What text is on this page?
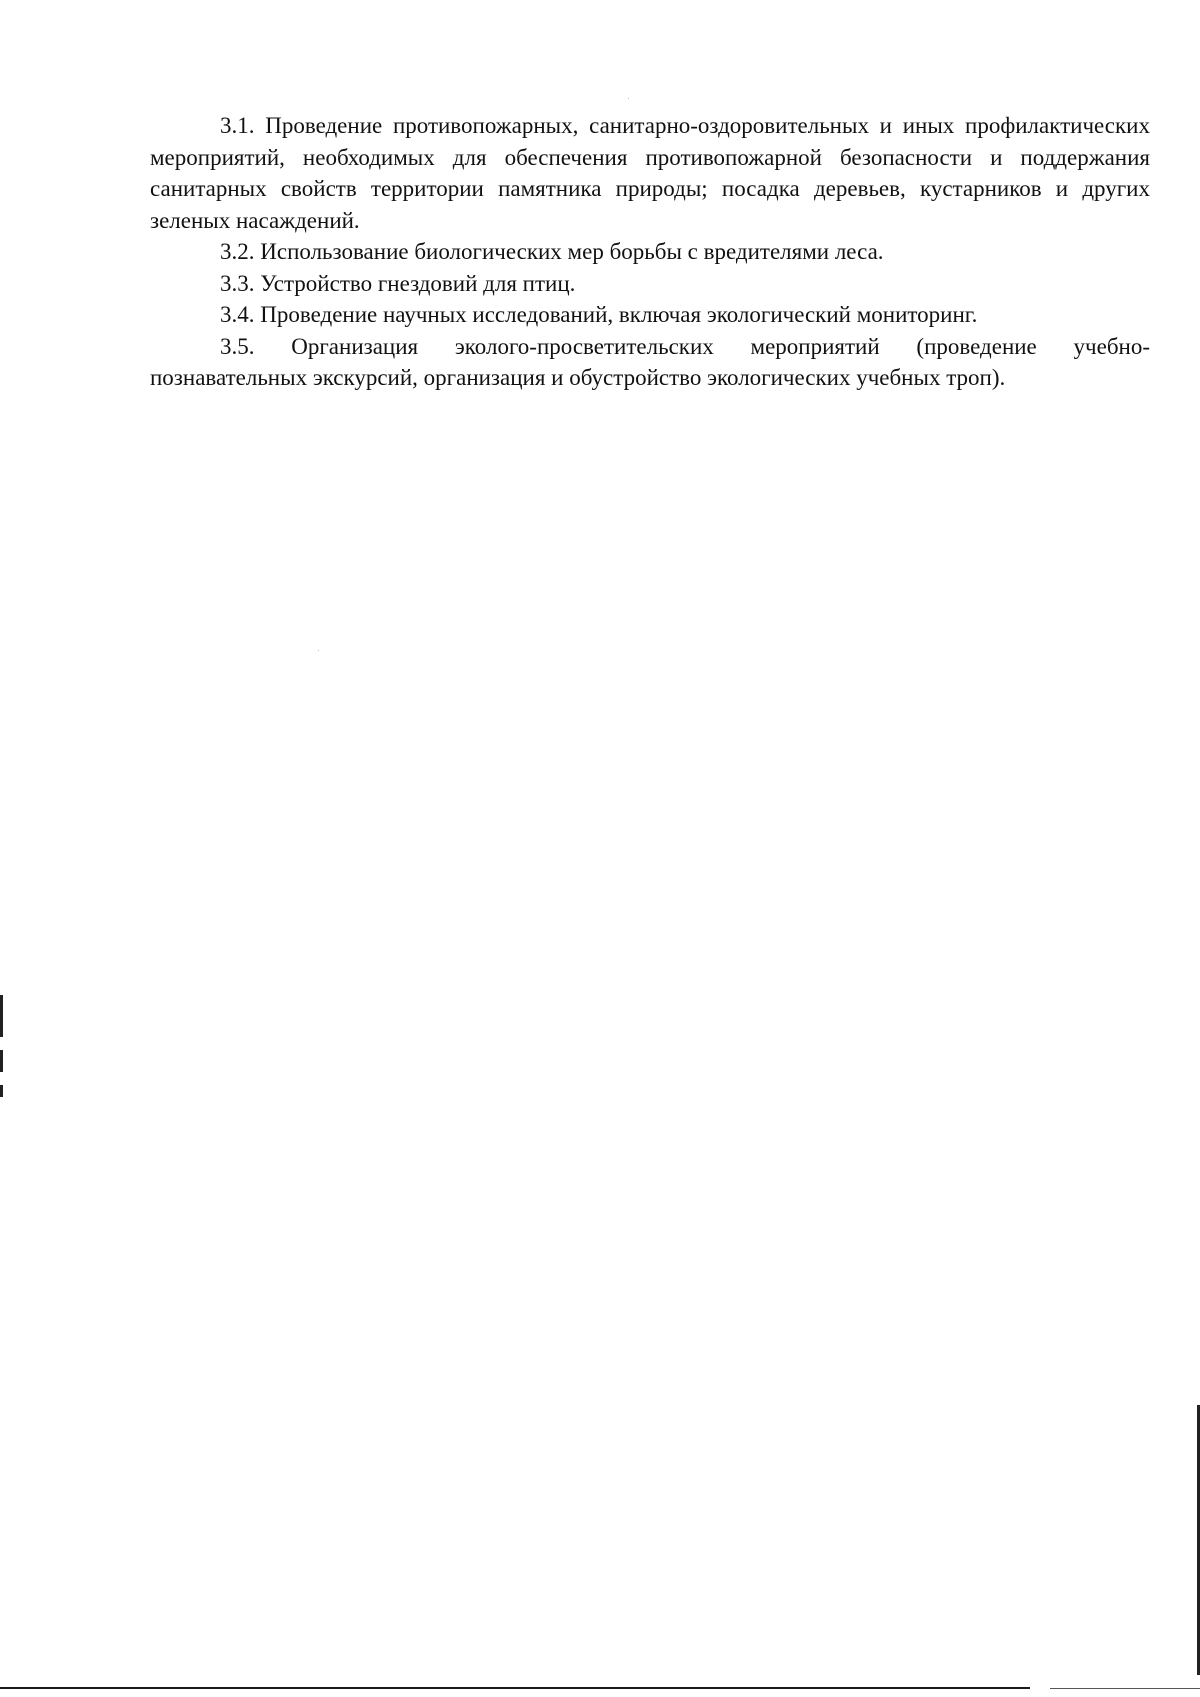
3.1. Проведение противопожарных, санитарно-оздоровительных и иных профилактических мероприятий, необходимых для обеспечения противопожарной безопасности и поддержания санитарных свойств территории памятника природы; посадка деревьев, кустарников и других зеленых насаждений.

3.2. Использование биологических мер борьбы с вредителями леса.

3.3. Устройство гнездовий для птиц.

3.4. Проведение научных исследований, включая экологический мониторинг.

3.5. Организация эколого-просветительских мероприятий (проведение учебно-познавательных экскурсий, организация и обустройство экологических учебных троп).
